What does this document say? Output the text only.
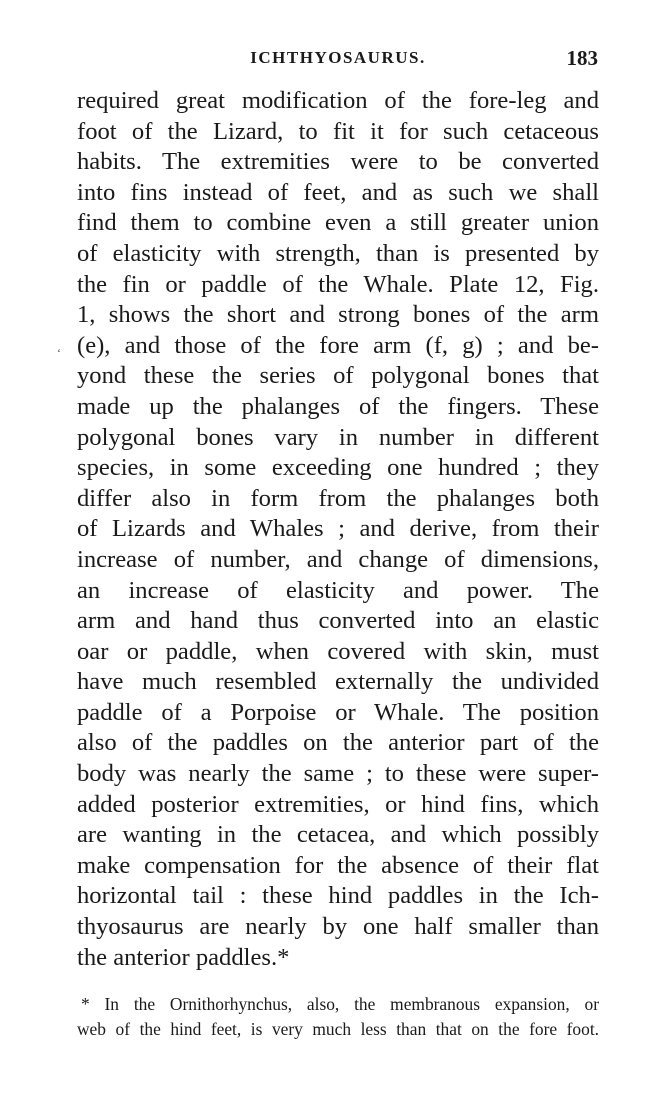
ICHTHYOSAURUS.	183
‘
required great modification of the fore-leg and
foot of the Lizard, to fit it for such cetaceous
habits. The extremities were to be converted
into fins instead of feet, and as such we shall
find them to combine even a still greater union
of elasticity with strength, than is presented by
the fin or paddle of the Whale. Plate 12, Fig.
1, shows the short and strong bones of the arm
(e), and those of the fore arm (f, g) ; and be-
yond these the series of polygonal bones that
made up the phalanges of the fingers. These
polygonal bones vary in number in different
species, in some exceeding one hundred ; they
differ also in form from the phalanges both
of Lizards and Whales ; and derive, from their
increase of number, and change of dimensions,
an increase of elasticity and power. The
arm and hand thus converted into an elastic
oar or paddle, when covered with skin, must
have much resembled externally the undivided
paddle of a Porpoise or Whale. The position
also of the paddles on the anterior part of the
body was nearly the same ; to these were super-
added posterior extremities, or hind fins, which
are wanting in the cetacea, and which possibly
make compensation for the absence of their flat
horizontal tail : these hind paddles in the Ich-
thyosaurus are nearly by one half smaller than
the anterior paddles.*
* In the Ornithorhynchus, also, the membranous expansion, or
web of the hind feet, is very much less than that on the fore foot.
